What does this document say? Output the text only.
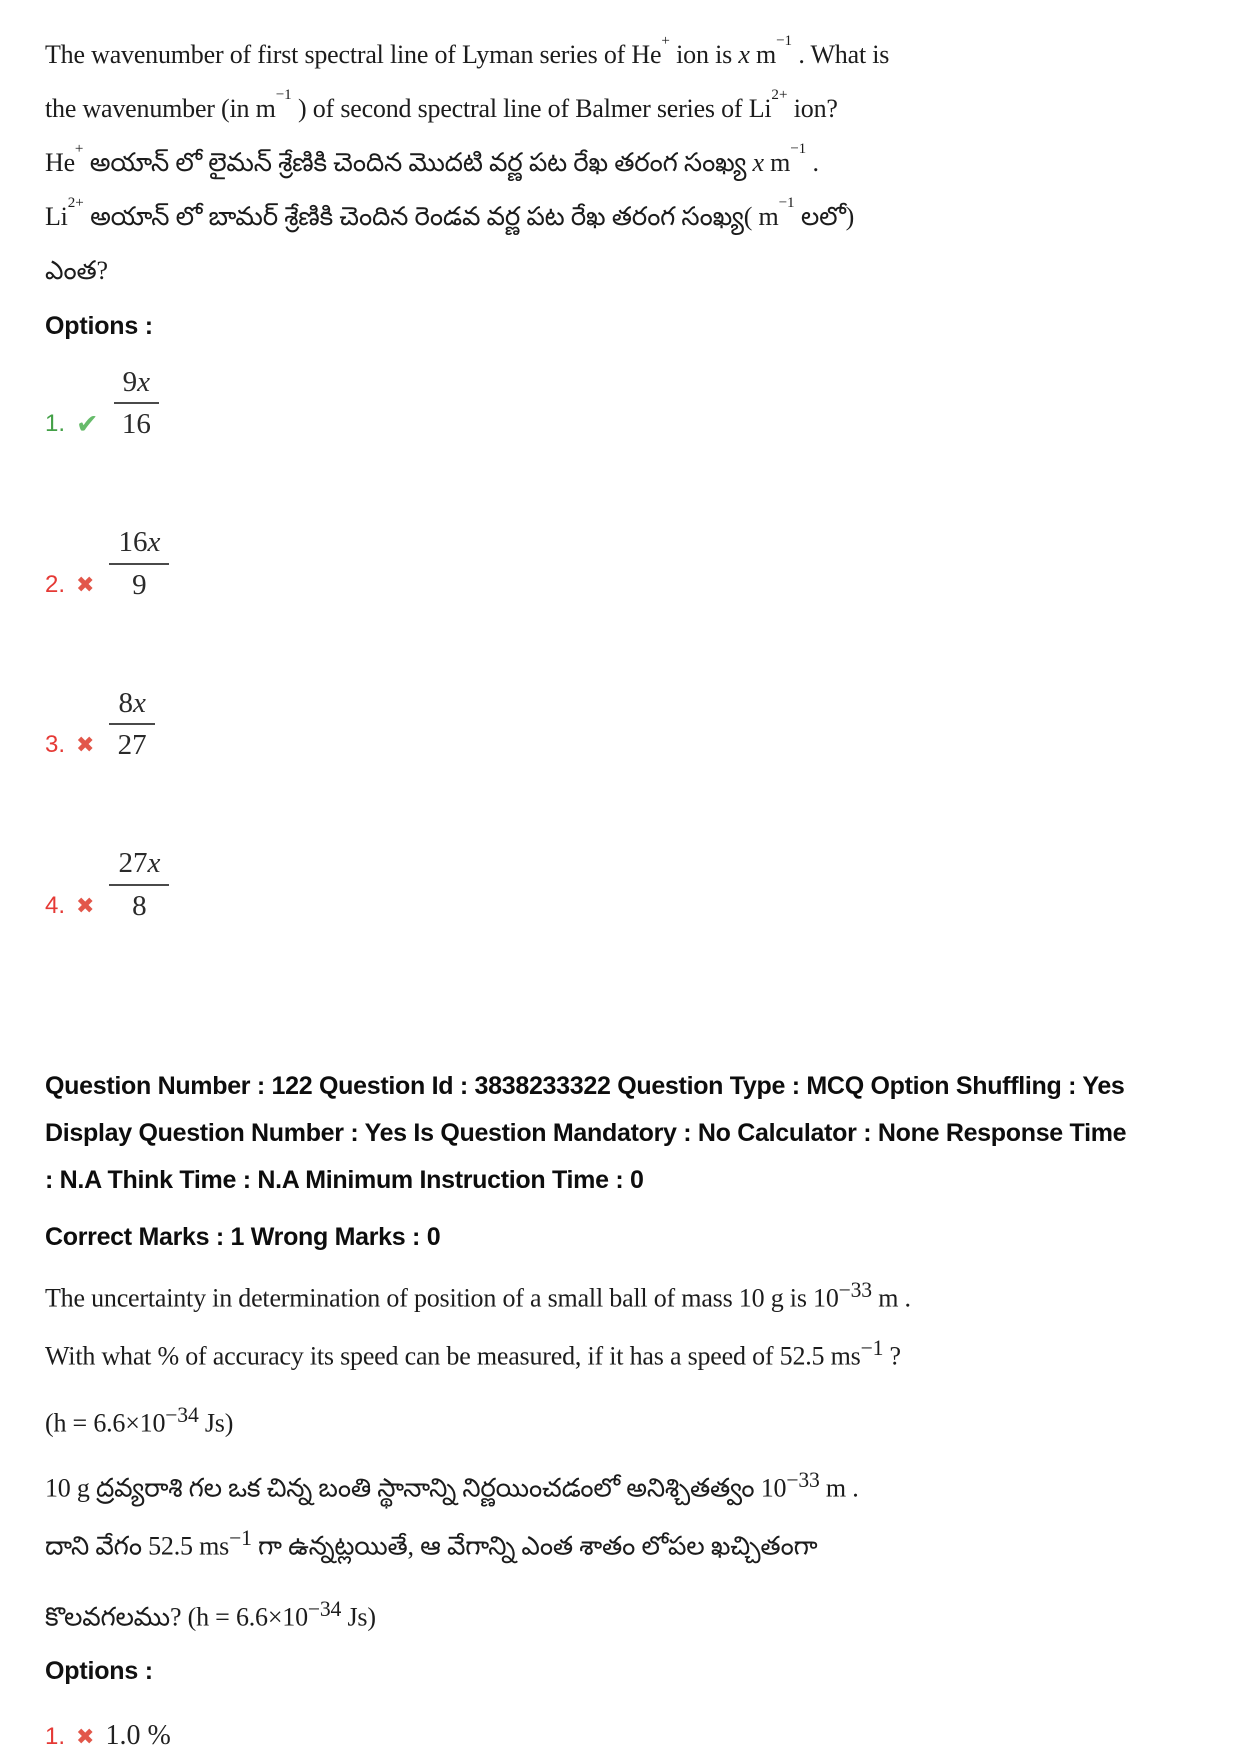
The wavenumber of first spectral line of Lyman series of He+ ion is x $m^{-1}$ . What is
the wavenumber (in $m^{-1}$ ) of second spectral line of Balmer series of $Li^{2+}$ ion?
He+ అయాన్ లో లైమన్ శ్రేణికి చెందిన మొదటి వర్ణ పట రేఖ తరంగ సంఖ్య x $m^{-1}$ .
$Li^{2+}$ అయాన్ లో బామర్ శ్రేణికి చెందిన రెండవ వర్ణ పట రేఖ తరంగ సంఖ్య( $m^{-1}$ లలో)
ఎంత?
Options :
1. ✔ $\frac{9x}{16}$
2. ✖ $\frac{16x}{9}$
3. ✖ $\frac{8x}{27}$
4. ✖ $\frac{27x}{8}$
Question Number : 122 Question Id : 3838233322 Question Type : MCQ Option Shuffling : Yes
Display Question Number : Yes Is Question Mandatory : No Calculator : None Response Time
: N.A Think Time : N.A Minimum Instruction Time : 0
Correct Marks : 1 Wrong Marks : 0
The uncertainty in determination of position of a small ball of mass 10 g is $10^{-33}$ m .
With what % of accuracy its speed can be measured, if it has a speed of 52.5 $ms^{-1}$ ?
($h = 6.6\times 10^{-34}$ Js)
10 g ద్రవ్యరాశి గల ఒక చిన్న బంతి స్థానాన్ని నిర్ణయించడంలో అనిశ్చితత్వం $10^{-33}$ m .
దాని వేగం 52.5 $ms^{-1}$ గా ఉన్నట్లయితే, ఆ వేగాన్ని ఎంత శాతం లోపల ఖచ్చితంగా
కొలవగలము? ($h = 6.6\times 10^{-34}$ Js)
Options :
1. ✖ 1.0 %
